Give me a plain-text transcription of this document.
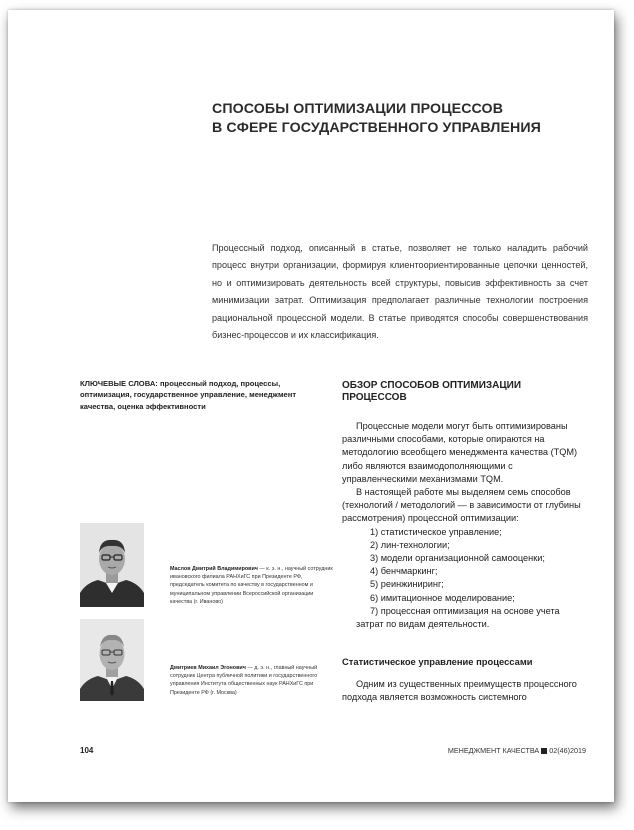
СПОСОБЫ ОПТИМИЗАЦИИ ПРОЦЕССОВ
В СФЕРЕ ГОСУДАРСТВЕННОГО УПРАВЛЕНИЯ
Процессный подход, описанный в статье, позволяет не только наладить рабочий процесс внутри организации, формируя клиентоориентированные цепочки ценностей, но и оптимизировать деятельность всей структуры, повысив эффективность за счет минимизации затрат. Оптимизация предполагает различные технологии построения рациональной процессной модели. В статье приводятся способы совершенствования бизнес-процессов и их классификация.
КЛЮЧЕВЫЕ СЛОВА: процессный подход, процессы, оптимизация, государственное управление, менеджмент качества, оценка эффективности
ОБЗОР СПОСОБОВ ОПТИМИЗАЦИИ ПРОЦЕССОВ

Процессные модели могут быть оптимизированы различными способами, которые опираются на методологию всеобщего менеджмента качества (TQM) либо являются взаимодополняющими с управленческими механизмами TQM.

В настоящей работе мы выделяем семь способов (технологий / методологий — в зависимости от глубины рассмотрения) процессной оптимизации:

1) статистическое управление;

2) лин-технологии;

3) модели организационной самооценки;

4) бенчмаркинг;

5) реинжиниринг;

6) имитационное моделирование;

7) процессная оптимизация на основе учета затрат по видам деятельности.

Статистическое управление процессами

Одним из существенных преимуществ процессного подхода является возможность системного

Маслов Дмитрий Владимирович — к. э. н., научный сотрудник ивановского филиала РАНХиГС при Президенте РФ, председатель комитета по качеству в государственном и муниципальном управлении Всероссийской организации качества (г. Иваново)
Дмитриев Михаил Эгонович — д. э. н., главный научный сотрудник Центра публичной политики и государственного управления Института общественных наук РАНХиГС при Президенте РФ (г. Москва)
104	МЕНЕДЖМЕНТ КАЧЕСТВА 02(46)2019
